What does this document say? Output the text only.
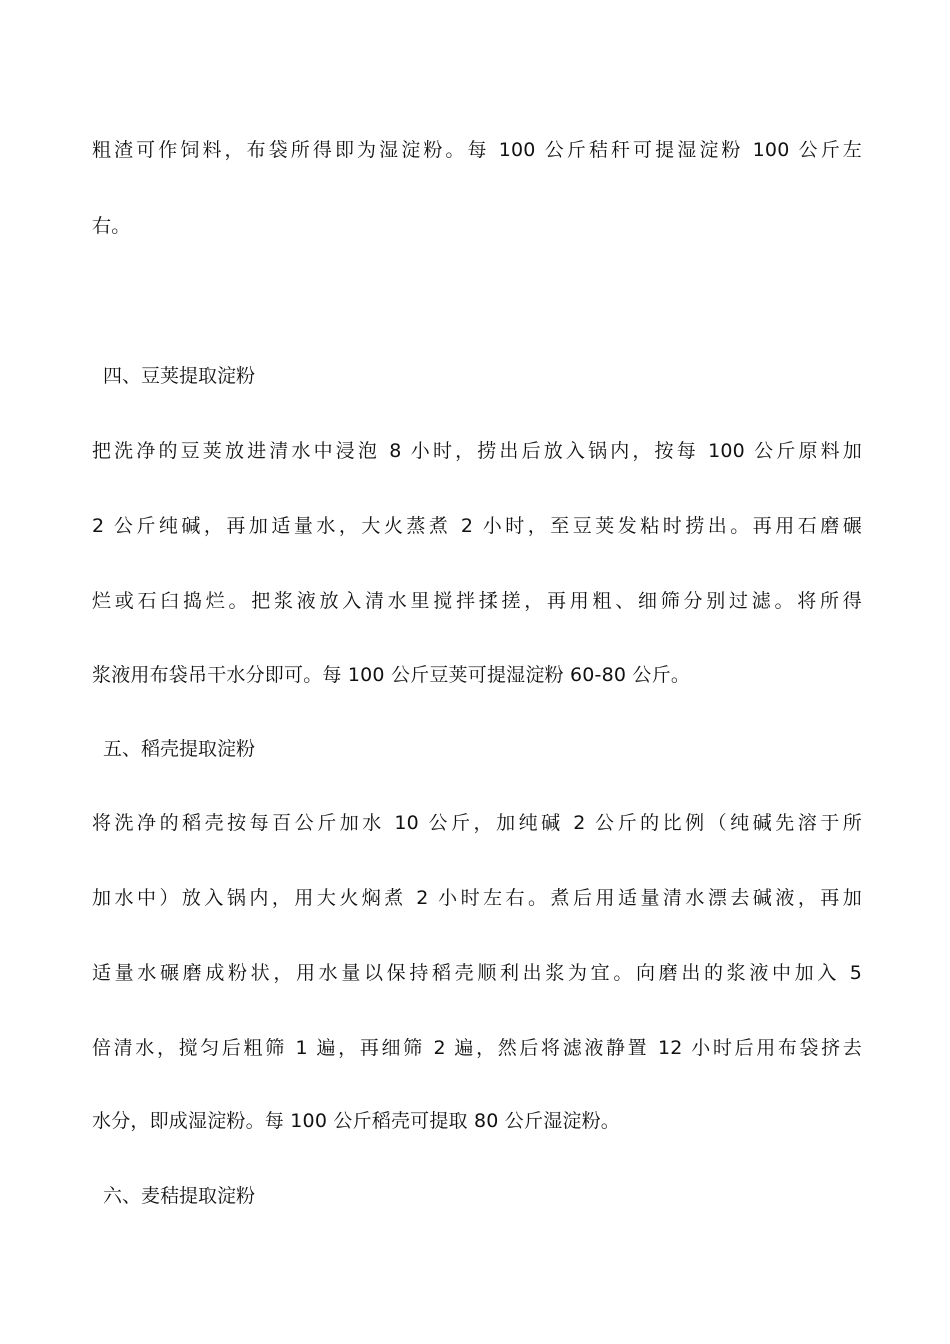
粗渣可作饲料，布袋所得即为湿淀粉。每 100 公斤秸秆可提湿淀粉 100 公斤左
右。
四、豆荚提取淀粉
把洗净的豆荚放进清水中浸泡 8 小时，捞出后放入锅内，按每 100 公斤原料加
2 公斤纯碱，再加适量水，大火蒸煮 2 小时，至豆荚发粘时捞出。再用石磨碾
烂或石臼捣烂。把浆液放入清水里搅拌揉搓，再用粗、细筛分别过滤。将所得
浆液用布袋吊干水分即可。每 100 公斤豆荚可提湿淀粉 60-80 公斤。
五、稻壳提取淀粉
将洗净的稻壳按每百公斤加水 10 公斤，加纯碱 2 公斤的比例（纯碱先溶于所
加水中）放入锅内，用大火焖煮 2 小时左右。煮后用适量清水漂去碱液，再加
适量水碾磨成粉状，用水量以保持稻壳顺利出浆为宜。向磨出的浆液中加入 5
倍清水，搅匀后粗筛 1 遍，再细筛 2 遍，然后将滤液静置 12 小时后用布袋挤去
水分，即成湿淀粉。每 100 公斤稻壳可提取 80 公斤湿淀粉。
六、麦秸提取淀粉
